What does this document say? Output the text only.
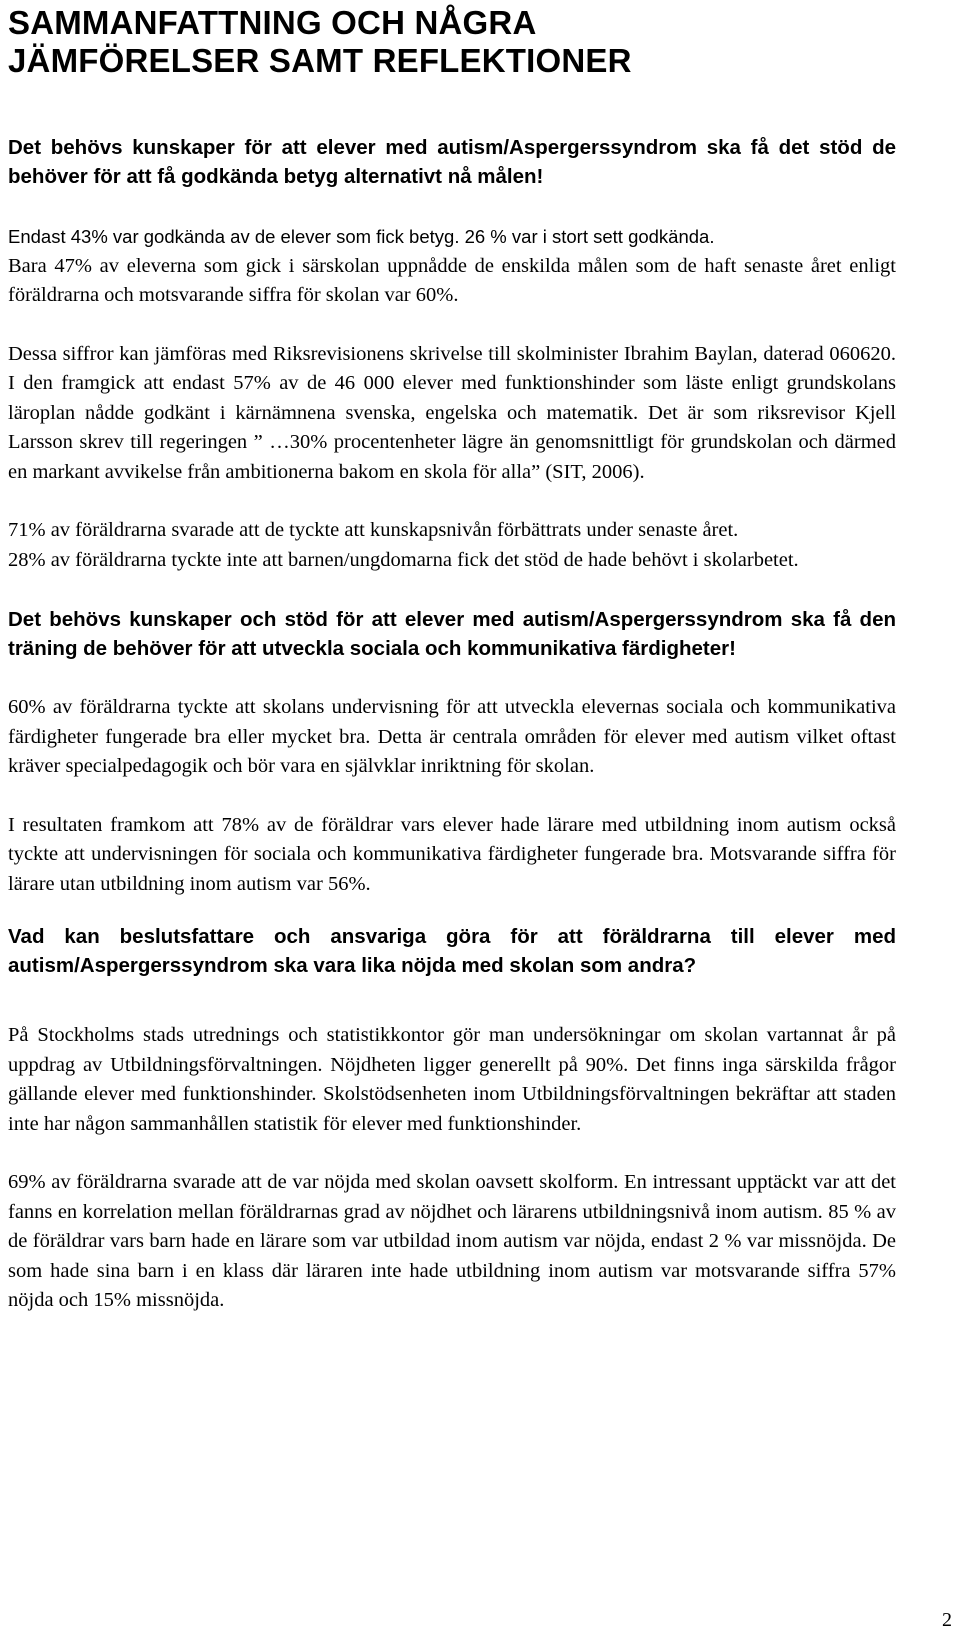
SAMMANFATTNING OCH NÅGRA
JÄMFÖRELSER SAMT REFLEKTIONER
Det behövs kunskaper för att elever med autism/Aspergerssyndrom ska få det stöd de behöver för att få godkända betyg alternativt nå målen!

Endast 43% var godkända av de elever som fick betyg. 26 % var i stort sett godkända.

Bara 47% av eleverna som gick i särskolan uppnådde de enskilda målen som de haft senaste året enligt föräldrarna och motsvarande siffra för skolan var 60%.

Dessa siffror kan jämföras med Riksrevisionens skrivelse till skolminister Ibrahim Baylan, daterad 060620. I den framgick att endast 57% av de 46 000 elever med funktionshinder som läste enligt grundskolans läroplan nådde godkänt i kärnämnena svenska, engelska och matematik. Det är som riksrevisor Kjell Larsson skrev till regeringen ” …30% procentenheter lägre än genomsnittligt för grundskolan och därmed en markant avvikelse från ambitionerna bakom en skola för alla” (SIT, 2006).

71% av föräldrarna svarade att de tyckte att kunskapsnivån förbättrats under senaste året.

28% av föräldrarna tyckte inte att barnen/ungdomarna fick det stöd de hade behövt i skolarbetet.

Det behövs kunskaper och stöd för att elever med autism/Aspergerssyndrom ska få den träning de behöver för att utveckla sociala och kommunikativa färdigheter!

60% av föräldrarna tyckte att skolans undervisning för att utveckla elevernas sociala och kommunikativa färdigheter fungerade bra eller mycket bra. Detta är centrala områden för elever med autism vilket oftast kräver specialpedagogik och bör vara en självklar inriktning för skolan.

I resultaten framkom att 78% av de föräldrar vars elever hade lärare med utbildning inom autism också tyckte att undervisningen för sociala och kommunikativa färdigheter fungerade bra. Motsvarande siffra för lärare utan utbildning inom autism var 56%.

Vad kan beslutsfattare och ansvariga göra för att föräldrarna till elever med autism/Aspergerssyndrom ska vara lika nöjda med skolan som andra?

På Stockholms stads utrednings och statistikkontor gör man undersökningar om skolan vartannat år på uppdrag av Utbildningsförvaltningen. Nöjdheten ligger generellt på 90%. Det finns inga särskilda frågor gällande elever med funktionshinder. Skolstödsenheten inom Utbildningsförvaltningen bekräftar att staden inte har någon sammanhållen statistik för elever med funktionshinder.

69% av föräldrarna svarade att de var nöjda med skolan oavsett skolform. En intressant upptäckt var att det fanns en korrelation mellan föräldrarnas grad av nöjdhet och lärarens utbildningsnivå inom autism. 85 % av de föräldrar vars barn hade en lärare som var utbildad inom autism var nöjda, endast 2 % var missnöjda. De som hade sina barn i en klass där läraren inte hade utbildning inom autism var motsvarande siffra 57% nöjda och 15% missnöjda.

2
